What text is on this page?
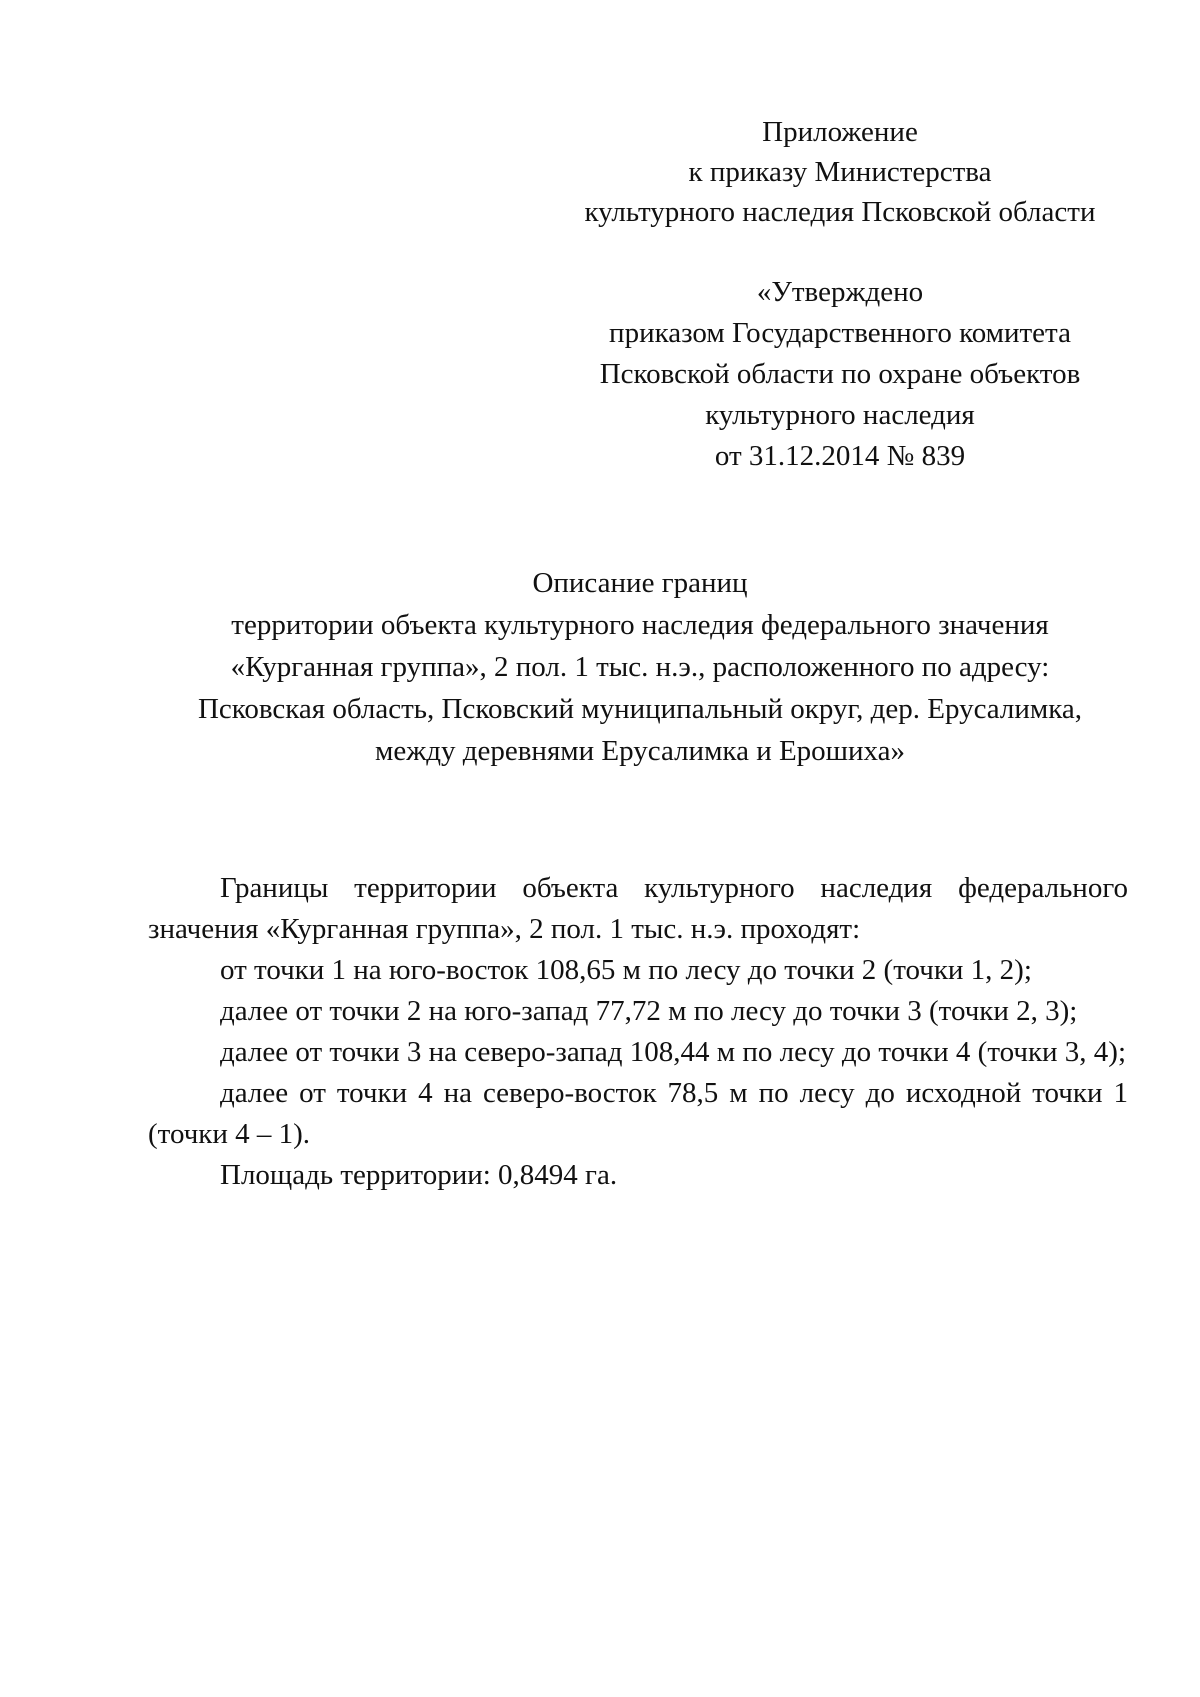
Приложение
к приказу Министерства
культурного наследия Псковской области
«Утверждено
приказом Государственного комитета
Псковской области по охране объектов
культурного наследия
от 31.12.2014 № 839
Описание границ
территории объекта культурного наследия федерального значения
«Курганная группа», 2 пол. 1 тыс. н.э., расположенного по адресу:
Псковская область, Псковский муниципальный округ, дер. Ерусалимка,
между деревнями Ерусалимка и Ерошиха»

Границы территории объекта культурного наследия федерального значения «Курганная группа», 2 пол. 1 тыс. н.э. проходят:

от точки 1 на юго-восток 108,65 м по лесу до точки 2 (точки 1, 2);

далее от точки 2 на юго-запад 77,72 м по лесу до точки 3 (точки 2, 3);

далее от точки 3 на северо-запад 108,44 м по лесу до точки 4 (точки 3, 4);

далее от точки 4 на северо-восток 78,5 м по лесу до исходной точки 1 (точки 4 – 1).

Площадь территории: 0,8494 га.
